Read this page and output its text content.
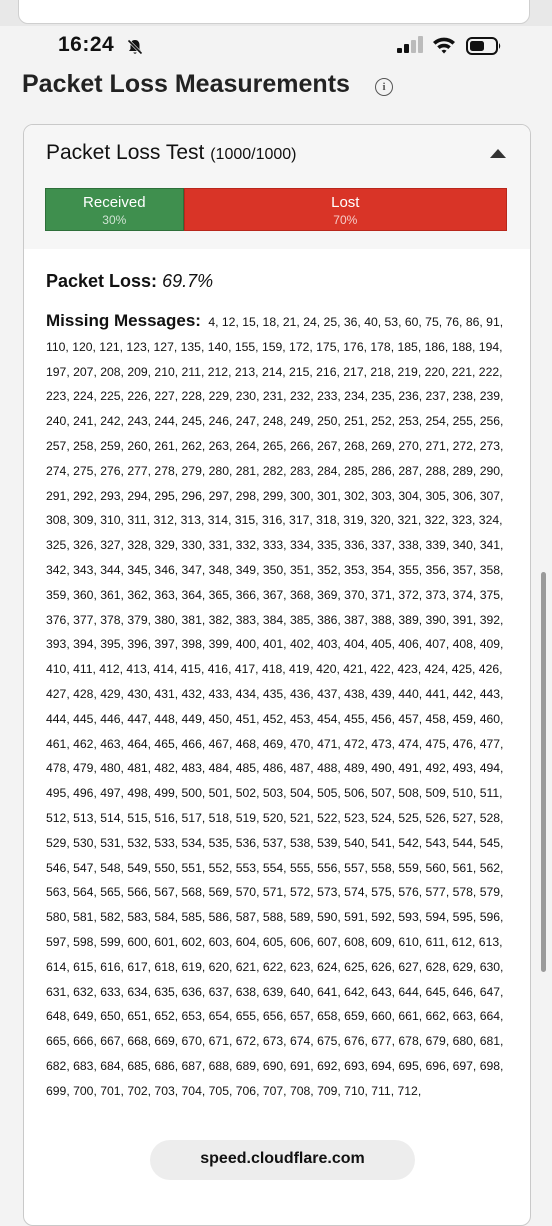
16:24
Packet Loss Measurements	i
Packet Loss Test (1000/1000)
Received
30%
Lost
70%
Packet Loss: 69.7%
Missing Messages: 4, 12, 15, 18, 21, 24, 25, 36, 40, 53, 60, 75, 76, 86, 91, 110, 120, 121, 123, 127, 135, 140, 155, 159, 172, 175, 176, 178, 185, 186, 188, 194, 197, 207, 208, 209, 210, 211, 212, 213, 214, 215, 216, 217, 218, 219, 220, 221, 222, 223, 224, 225, 226, 227, 228, 229, 230, 231, 232, 233, 234, 235, 236, 237, 238, 239, 240, 241, 242, 243, 244, 245, 246, 247, 248, 249, 250, 251, 252, 253, 254, 255, 256, 257, 258, 259, 260, 261, 262, 263, 264, 265, 266, 267, 268, 269, 270, 271, 272, 273, 274, 275, 276, 277, 278, 279, 280, 281, 282, 283, 284, 285, 286, 287, 288, 289, 290, 291, 292, 293, 294, 295, 296, 297, 298, 299, 300, 301, 302, 303, 304, 305, 306, 307, 308, 309, 310, 311, 312, 313, 314, 315, 316, 317, 318, 319, 320, 321, 322, 323, 324, 325, 326, 327, 328, 329, 330, 331, 332, 333, 334, 335, 336, 337, 338, 339, 340, 341, 342, 343, 344, 345, 346, 347, 348, 349, 350, 351, 352, 353, 354, 355, 356, 357, 358, 359, 360, 361, 362, 363, 364, 365, 366, 367, 368, 369, 370, 371, 372, 373, 374, 375, 376, 377, 378, 379, 380, 381, 382, 383, 384, 385, 386, 387, 388, 389, 390, 391, 392, 393, 394, 395, 396, 397, 398, 399, 400, 401, 402, 403, 404, 405, 406, 407, 408, 409, 410, 411, 412, 413, 414, 415, 416, 417, 418, 419, 420, 421, 422, 423, 424, 425, 426, 427, 428, 429, 430, 431, 432, 433, 434, 435, 436, 437, 438, 439, 440, 441, 442, 443, 444, 445, 446, 447, 448, 449, 450, 451, 452, 453, 454, 455, 456, 457, 458, 459, 460, 461, 462, 463, 464, 465, 466, 467, 468, 469, 470, 471, 472, 473, 474, 475, 476, 477, 478, 479, 480, 481, 482, 483, 484, 485, 486, 487, 488, 489, 490, 491, 492, 493, 494, 495, 496, 497, 498, 499, 500, 501, 502, 503, 504, 505, 506, 507, 508, 509, 510, 511, 512, 513, 514, 515, 516, 517, 518, 519, 520, 521, 522, 523, 524, 525, 526, 527, 528, 529, 530, 531, 532, 533, 534, 535, 536, 537, 538, 539, 540, 541, 542, 543, 544, 545, 546, 547, 548, 549, 550, 551, 552, 553, 554, 555, 556, 557, 558, 559, 560, 561, 562, 563, 564, 565, 566, 567, 568, 569, 570, 571, 572, 573, 574, 575, 576, 577, 578, 579, 580, 581, 582, 583, 584, 585, 586, 587, 588, 589, 590, 591, 592, 593, 594, 595, 596, 597, 598, 599, 600, 601, 602, 603, 604, 605, 606, 607, 608, 609, 610, 611, 612, 613, 614, 615, 616, 617, 618, 619, 620, 621, 622, 623, 624, 625, 626, 627, 628, 629, 630, 631, 632, 633, 634, 635, 636, 637, 638, 639, 640, 641, 642, 643, 644, 645, 646, 647, 648, 649, 650, 651, 652, 653, 654, 655, 656, 657, 658, 659, 660, 661, 662, 663, 664, 665, 666, 667, 668, 669, 670, 671, 672, 673, 674, 675, 676, 677, 678, 679, 680, 681, 682, 683, 684, 685, 686, 687, 688, 689, 690, 691, 692, 693, 694, 695, 696, 697, 698, 699, 700, 701, 702, 703, 704, 705, 706, 707, 708, 709, 710, 711, 712,
speed.cloudflare.com
